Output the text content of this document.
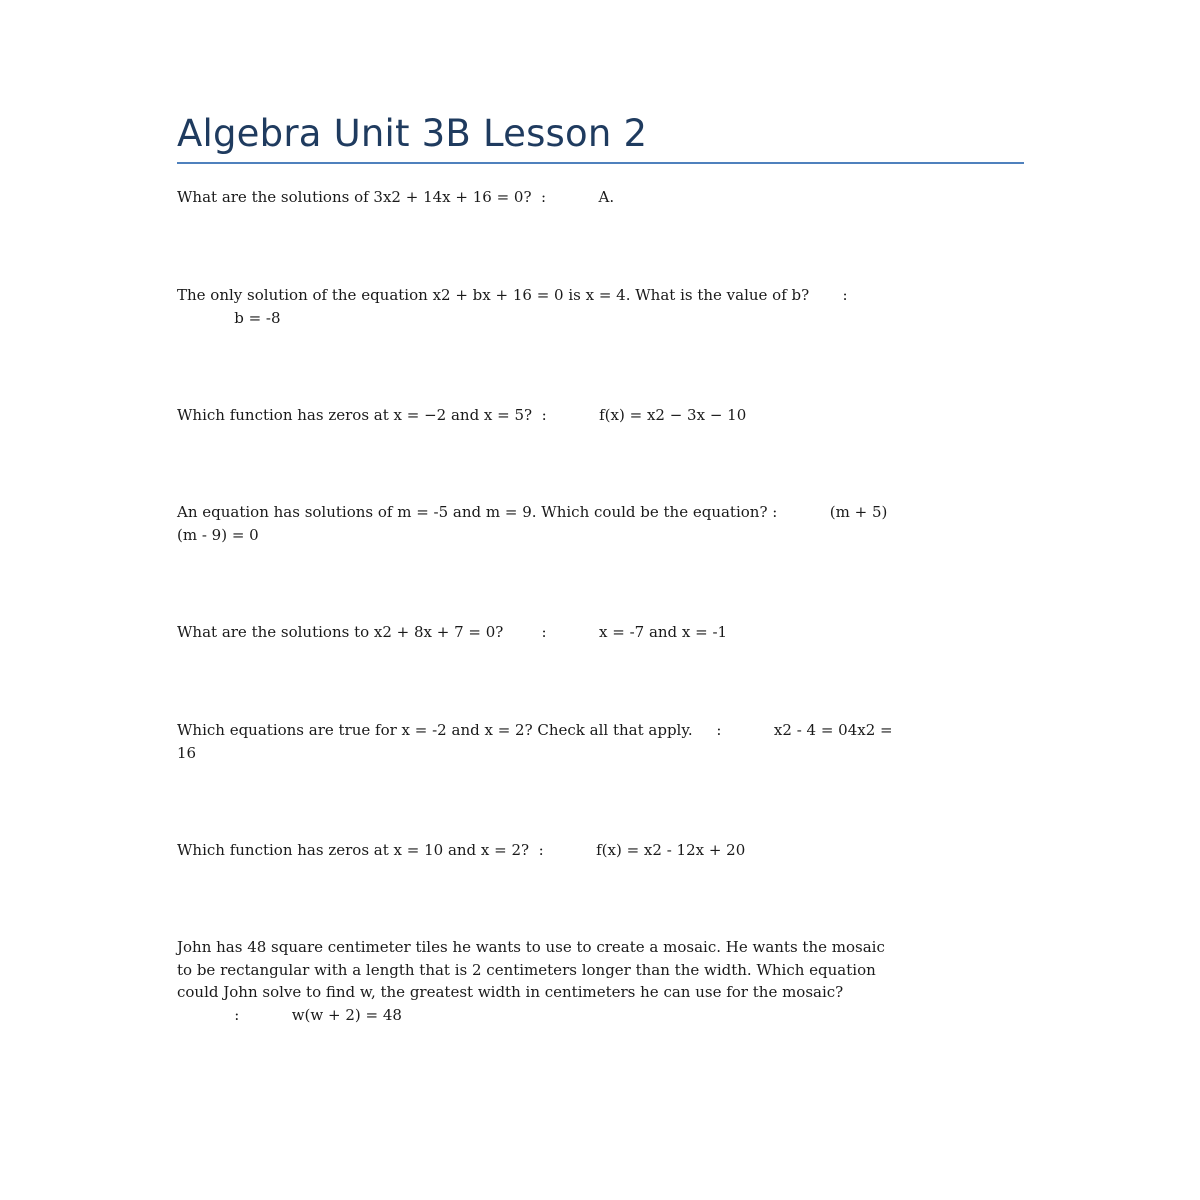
Algebra Unit 3B Lesson 2

What are the solutions of 3x2 + 14x + 16 = 0?  :           A.

The only solution of the equation x2 + bx + 16 = 0 is x = 4. What is the value of b?       :
b = -8

Which function has zeros at x = −2 and x = 5?  :           f(x) = x2 − 3x − 10

An equation has solutions of m = -5 and m = 9. Which could be the equation? :           (m + 5)
(m - 9) = 0

What are the solutions to x2 + 8x + 7 = 0?        :           x = -7 and x = -1

Which equations are true for x = -2 and x = 2? Check all that apply.     :           x2 - 4 = 04x2 =
16

Which function has zeros at x = 10 and x = 2?  :           f(x) = x2 - 12x + 20

John has 48 square centimeter tiles he wants to use to create a mosaic. He wants the mosaic
to be rectangular with a length that is 2 centimeters longer than the width. Which equation
could John solve to find w, the greatest width in centimeters he can use for the mosaic?
:           w(w + 2) = 48
